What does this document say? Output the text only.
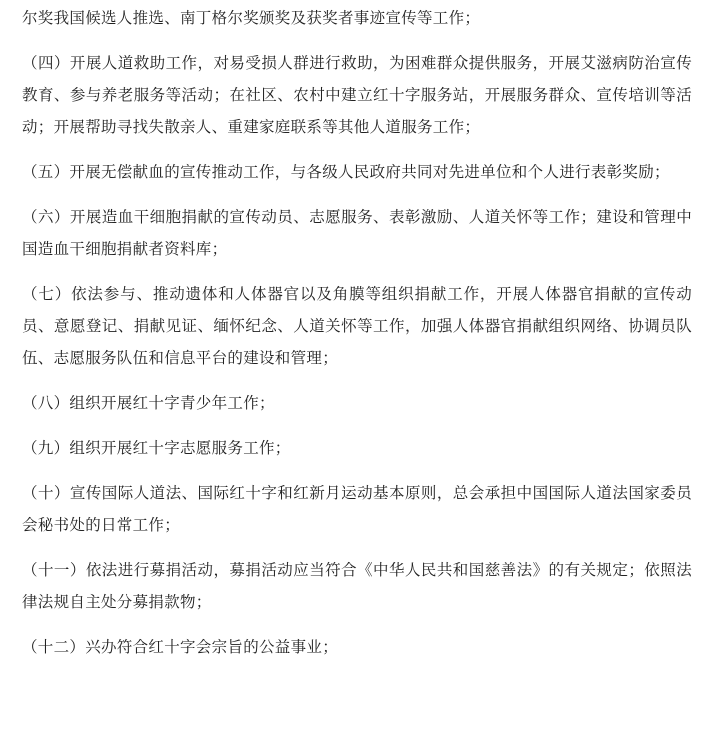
尔奖我国候选人推选、南丁格尔奖颁奖及获奖者事迹宣传等工作；

（四）开展人道救助工作，对易受损人群进行救助，为困难群众提供服务，开展艾滋病防治宣传教育、参与养老服务等活动；在社区、农村中建立红十字服务站，开展服务群众、宣传培训等活动；开展帮助寻找失散亲人、重建家庭联系等其他人道服务工作；

（五）开展无偿献血的宣传推动工作，与各级人民政府共同对先进单位和个人进行表彰奖励；

（六）开展造血干细胞捐献的宣传动员、志愿服务、表彰激励、人道关怀等工作；建设和管理中国造血干细胞捐献者资料库；

（七）依法参与、推动遗体和人体器官以及角膜等组织捐献工作，开展人体器官捐献的宣传动员、意愿登记、捐献见证、缅怀纪念、人道关怀等工作，加强人体器官捐献组织网络、协调员队伍、志愿服务队伍和信息平台的建设和管理；

（八）组织开展红十字青少年工作；

（九）组织开展红十字志愿服务工作；

（十）宣传国际人道法、国际红十字和红新月运动基本原则，总会承担中国国际人道法国家委员会秘书处的日常工作；

（十一）依法进行募捐活动，募捐活动应当符合《中华人民共和国慈善法》的有关规定；依照法律法规自主处分募捐款物；

（十二）兴办符合红十字会宗旨的公益事业；
